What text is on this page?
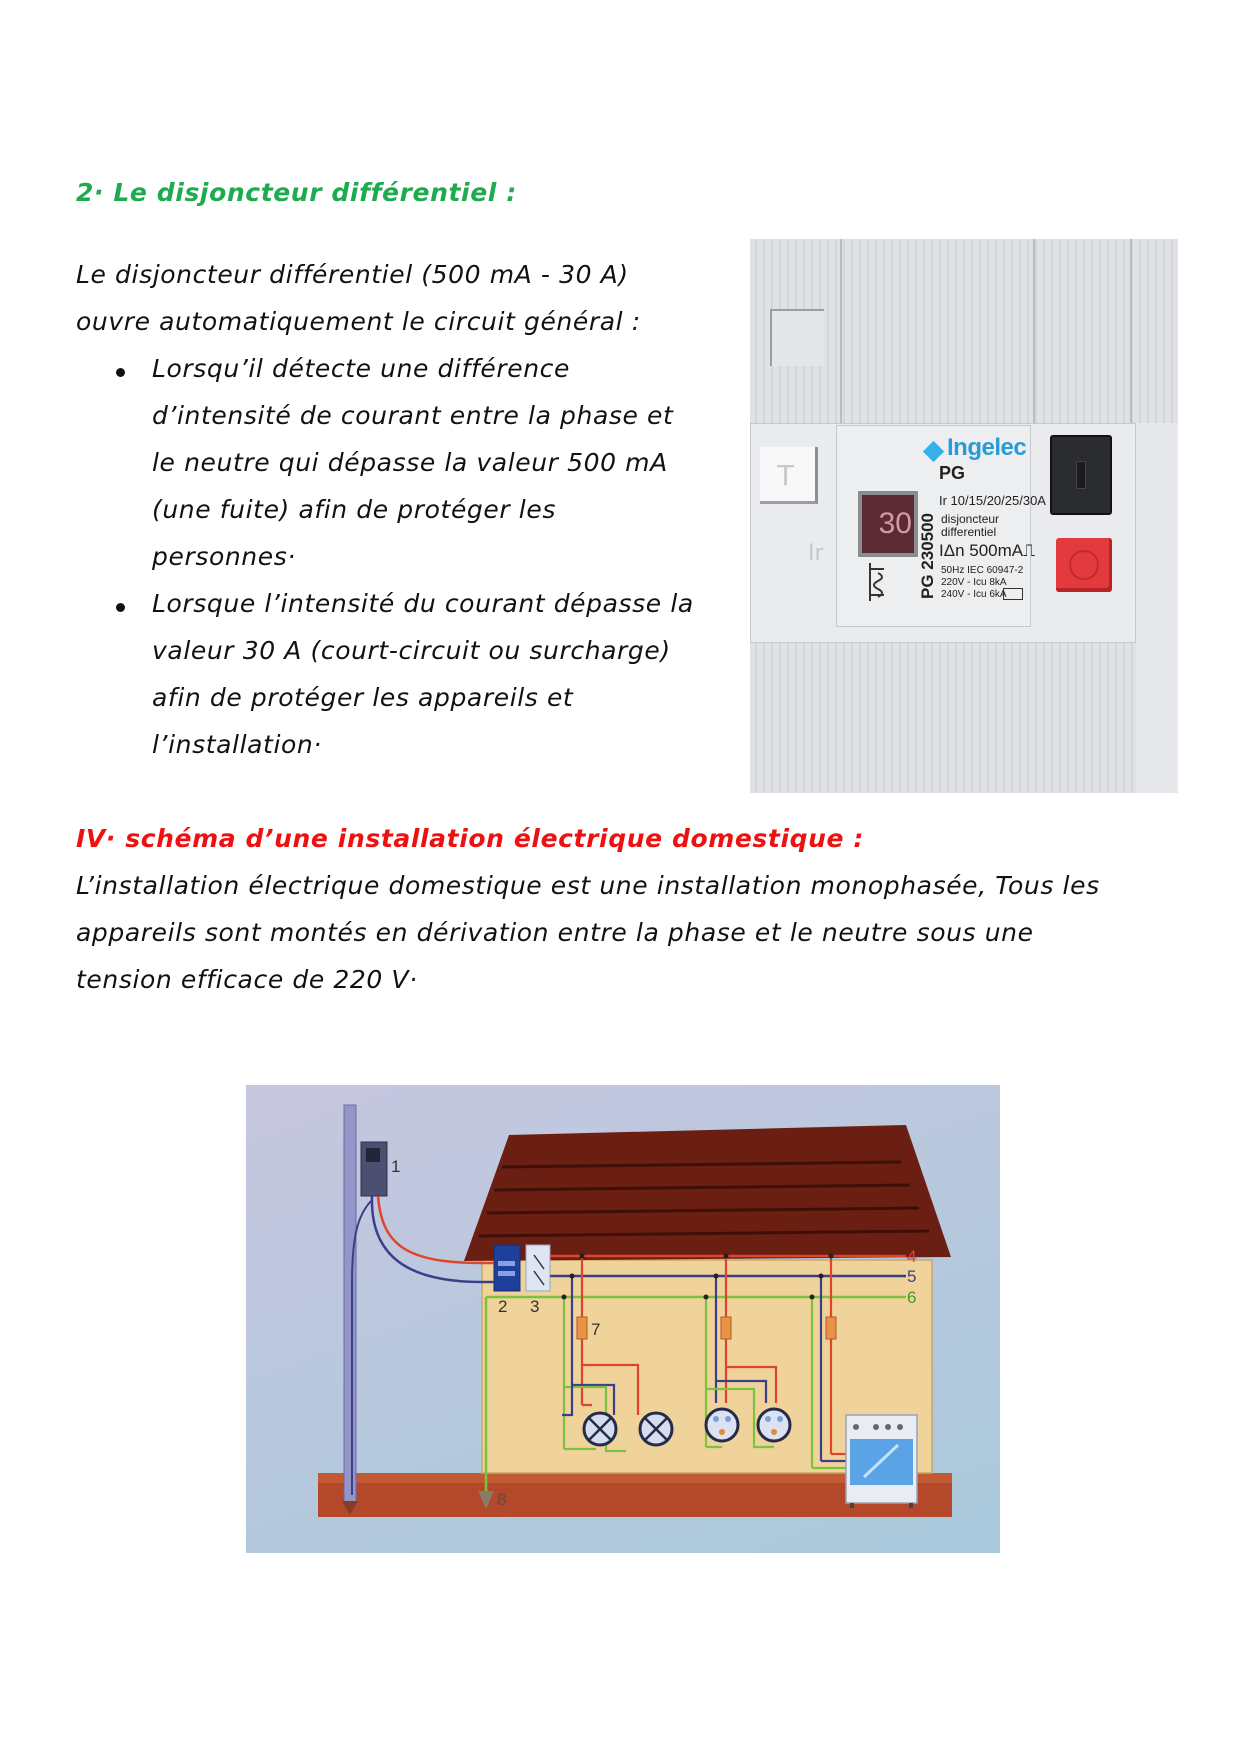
2· Le disjoncteur différentiel :
Le disjoncteur différentiel (500 mA - 30 A)
ouvre automatiquement le circuit général :
Lorsqu’il détecte une différence
d’intensité de courant entre la phase et
le neutre qui dépasse la valeur 500 mA
(une fuite) afin de protéger les
personnes·
Lorsque l’intensité du courant dépasse la
valeur 30 A (court-circuit ou surcharge)
afin de protéger les appareils et
l’installation·
T
Ir
30
Ingelec
PG
Ir 10/15/20/25/30A
disjoncteur
differentiel
IΔn 500mA⎍
50Hz IEC 60947-2
220V - Icu 8kA
240V - Icu 6kA
PG 230500
IV· schéma d’une installation électrique domestique :
L’installation électrique domestique est une installation monophasée, Tous les
appareils sont montés en dérivation entre la phase et le neutre sous une
tension efficace de 220 V·
1
2 3
4
5
6
7
8
